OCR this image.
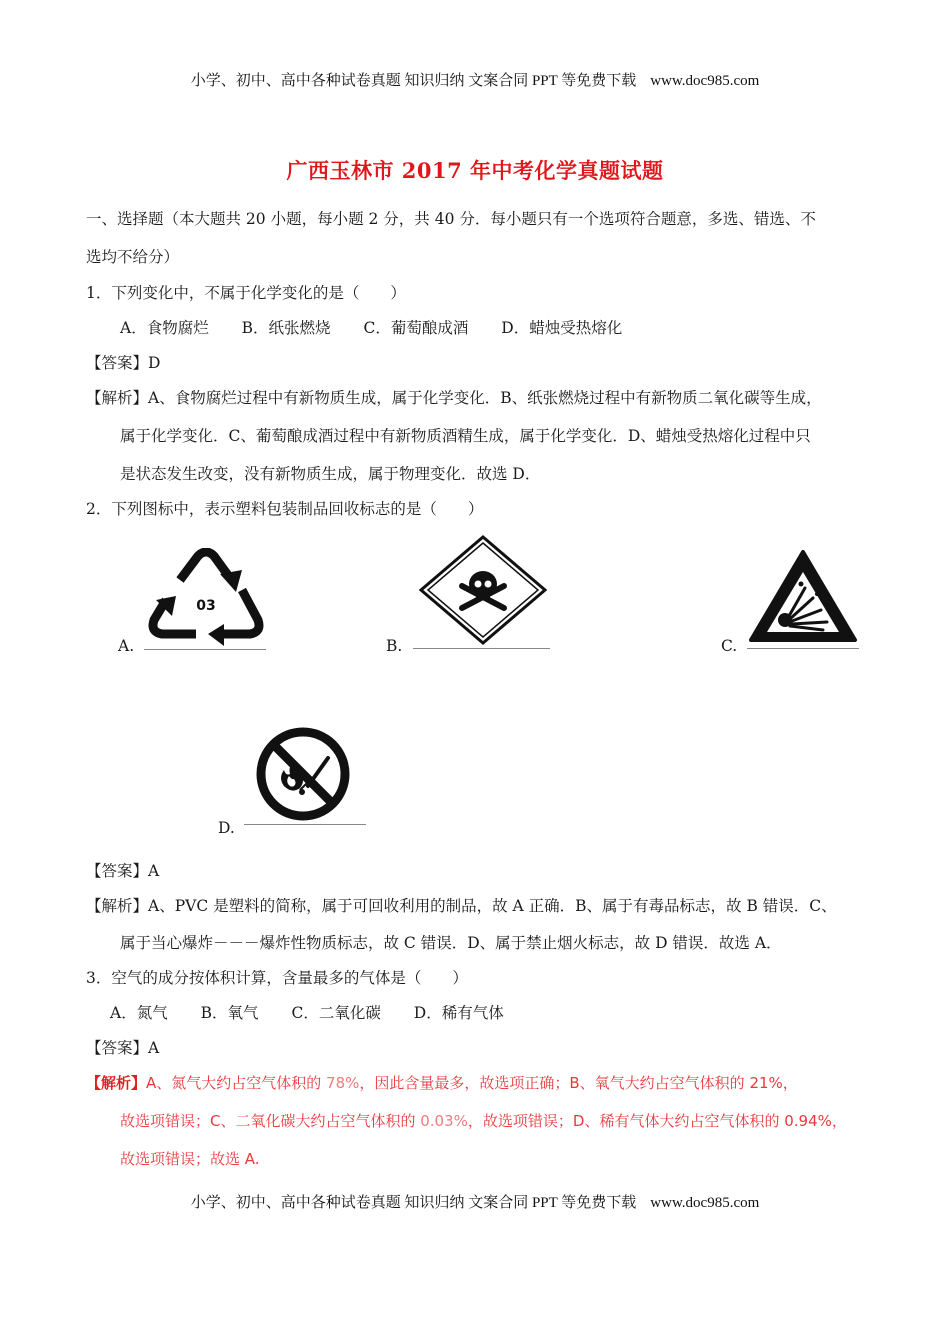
小学、初中、高中各种试卷真题 知识归纳 文案合同 PPT 等免费下载 www.doc985.com
广西玉林市 2017 年中考化学真题试题
一、选择题（本大题共 20 小题，每小题 2 分，共 40 分．每小题只有一个选项符合题意，多选、错选、不
选均不给分）
1．下列变化中，不属于化学变化的是（　　）
A．食物腐烂 B．纸张燃烧 C．葡萄酿成酒 D．蜡烛受热熔化
【答案】D
【解析】A、食物腐烂过程中有新物质生成，属于化学变化．B、纸张燃烧过程中有新物质二氧化碳等生成，
属于化学变化．C、葡萄酿成酒过程中有新物质酒精生成，属于化学变化．D、蜡烛受热熔化过程中只
是状态发生改变，没有新物质生成，属于物理变化．故选 D．
2．下列图标中，表示塑料包装制品回收标志的是（　　）
03
A.	B.	C.
D.
【答案】A
【解析】A、PVC 是塑料的简称，属于可回收利用的制品，故 A 正确．B、属于有毒品标志，故 B 错误．C、
属于当心爆炸－－－爆炸性物质标志，故 C 错误．D、属于禁止烟火标志，故 D 错误．故选 A．
3．空气的成分按体积计算，含量最多的气体是（　　）
A．氮气 B．氧气 C．二氧化碳 D．稀有气体
【答案】A
【解析】A、氮气大约占空气体积的 78%，因此含量最多，故选项正确；B、氧气大约占空气体积的 21%，
故选项错误；C、二氧化碳大约占空气体积的 0.03%，故选项错误；D、稀有气体大约占空气体积的 0.94%，
故选项错误；故选 A.
小学、初中、高中各种试卷真题 知识归纳 文案合同 PPT 等免费下载 www.doc985.com
